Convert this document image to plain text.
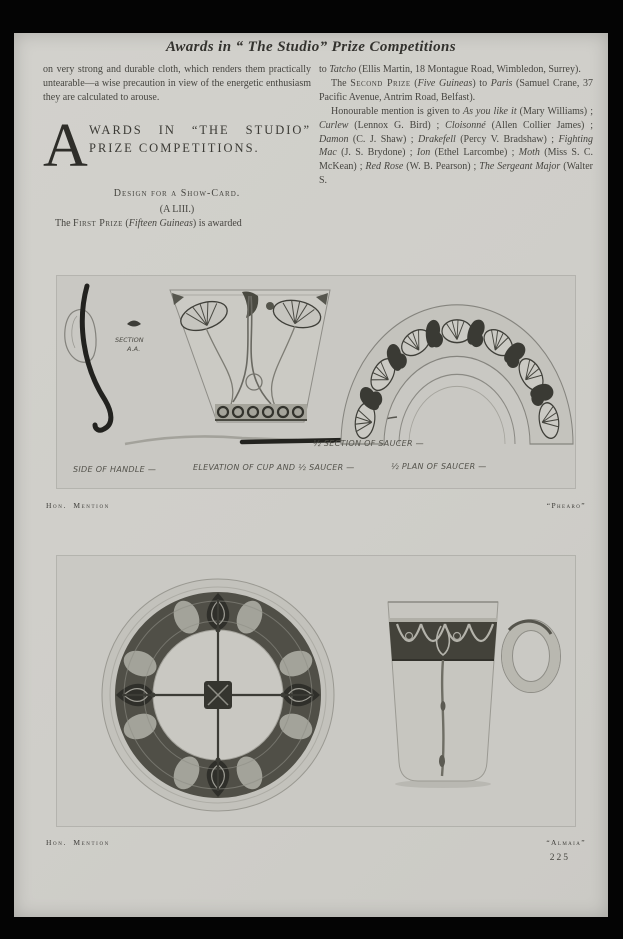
Awards in “ The Studio” Prize Competitions

on very strong and durable cloth, which renders them practically untearable—a wise precaution in view of the energetic enthusiasm they are calculated to arouse.

A WARDS IN “THE STUDIO”
PRIZE COMPETITIONS.
Design for a Show-Card.
(A LIII.)

The First Prize (Fifteen Guineas) is awarded

to Tatcho (Ellis Martin, 18 Montague Road, Wimbledon, Surrey).

The Second Prize (Five Guineas) to Paris (Samuel Crane, 37 Pacific Avenue, Antrim Road, Belfast).

Honourable mention is given to As you like it (Mary Williams) ; Curlew (Lennox G. Bird) ; Cloisonné (Allen Collier James) ; Damon (C. J. Shaw) ; Drakefell (Percy V. Bradshaw) ; Fighting Mac (J. S. Brydone) ; Ion (Ethel Larcombe) ; Moth (Miss S. C. McKean) ; Red Rose (W. B. Pearson) ; The Sergeant Major (Walter S.

SECTION
A.A.
SIDE OF HANDLE —	ELEVATION OF CUP AND ½ SAUCER —
½ SECTION OF SAUCER —
½ PLAN OF SAUCER —
Hon. Mention	“Phearo”
Hon. Mention	“Almaia”
225
